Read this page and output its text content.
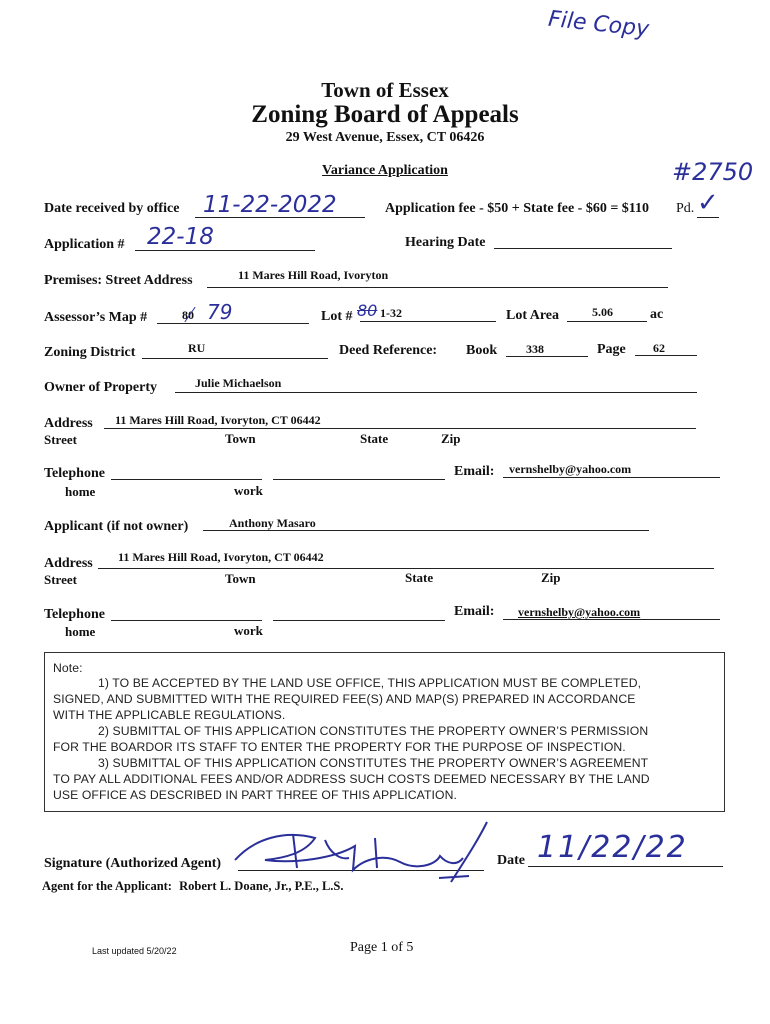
File Copy
#2750
Town of Essex
Zoning Board of Appeals
29 West Avenue, Essex, CT 06426
Variance Application
Date received by office 11-22-2022	Application fee - $50 + State fee - $60 = $110 Pd. ✓
Application # 22-18	Hearing Date
Premises: Street Address	11 Mares Hill Road, Ivoryton
Assessor’s Map #	80 79	Lot # 80 1-32	Lot Area	5.06	ac
Zoning District	RU	Deed Reference: Book 338	Page 62
Owner of Property	Julie Michaelson
Address 11 Mares Hill Road, Ivoryton, CT 06442
Street	Town	State	Zip
Telephone
home	work
Email: vernshelby@yahoo.com
Applicant (if not owner)	Anthony Masaro
Address 11 Mares Hill Road, Ivoryton, CT 06442
Street	Town	State	Zip
Telephone
home	work
Email: vernshelby@yahoo.com
Note:
1) TO BE ACCEPTED BY THE LAND USE OFFICE, THIS APPLICATION MUST BE COMPLETED,
SIGNED, AND SUBMITTED WITH THE REQUIRED FEE(S) AND MAP(S) PREPARED IN ACCORDANCE
WITH THE APPLICABLE REGULATIONS.
2) SUBMITTAL OF THIS APPLICATION CONSTITUTES THE PROPERTY OWNER’S PERMISSION
FOR THE BOARDOR ITS STAFF TO ENTER THE PROPERTY FOR THE PURPOSE OF INSPECTION.
3) SUBMITTAL OF THIS APPLICATION CONSTITUTES THE PROPERTY OWNER’S AGREEMENT
TO PAY ALL ADDITIONAL FEES AND/OR ADDRESS SUCH COSTS DEEMED NECESSARY BY THE LAND
USE OFFICE AS DESCRIBED IN PART THREE OF THIS APPLICATION.
Signature (Authorized Agent)	Date 11/22/22
Agent for the Applicant: Robert L. Doane, Jr., P.E., L.S.
Last updated 5/20/22	Page 1 of 5
